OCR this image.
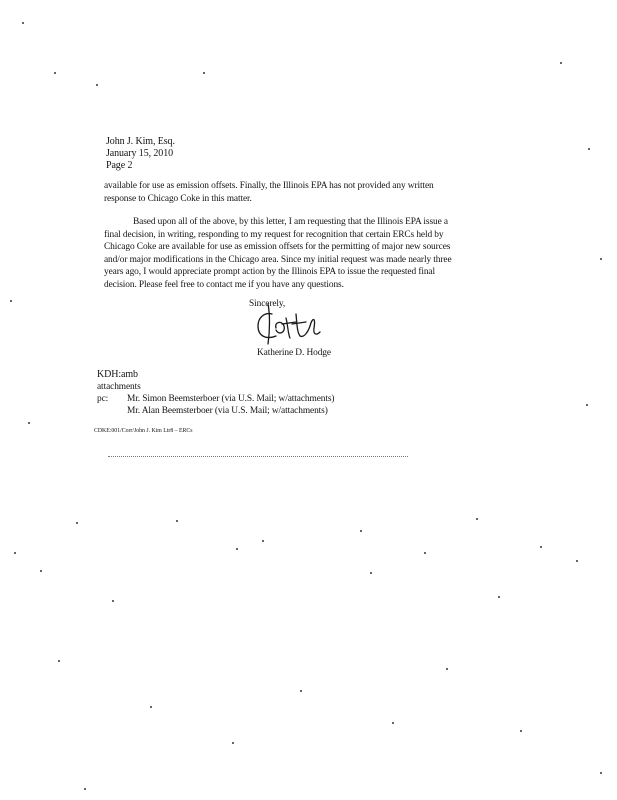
John J. Kim, Esq.
January 15, 2010
Page 2
available for use as emission offsets. Finally, the Illinois EPA has not provided any written
response to Chicago Coke in this matter.
Based upon all of the above, by this letter, I am requesting that the Illinois EPA issue a
final decision, in writing, responding to my request for recognition that certain ERCs held by
Chicago Coke are available for use as emission offsets for the permitting of major new sources
and/or major modifications in the Chicago area. Since my initial request was made nearly three
years ago, I would appreciate prompt action by the Illinois EPA to issue the requested final
decision. Please feel free to contact me if you have any questions.
Sincerely,
Katherine D. Hodge
KDH:amb
attachments
pc: Mr. Simon Beemsterboer (via U.S. Mail; w/attachments)
Mr. Alan Beemsterboer (via U.S. Mail; w/attachments)
CDKE:001/Corr/John J. Kim Ltr8 – ERCs
